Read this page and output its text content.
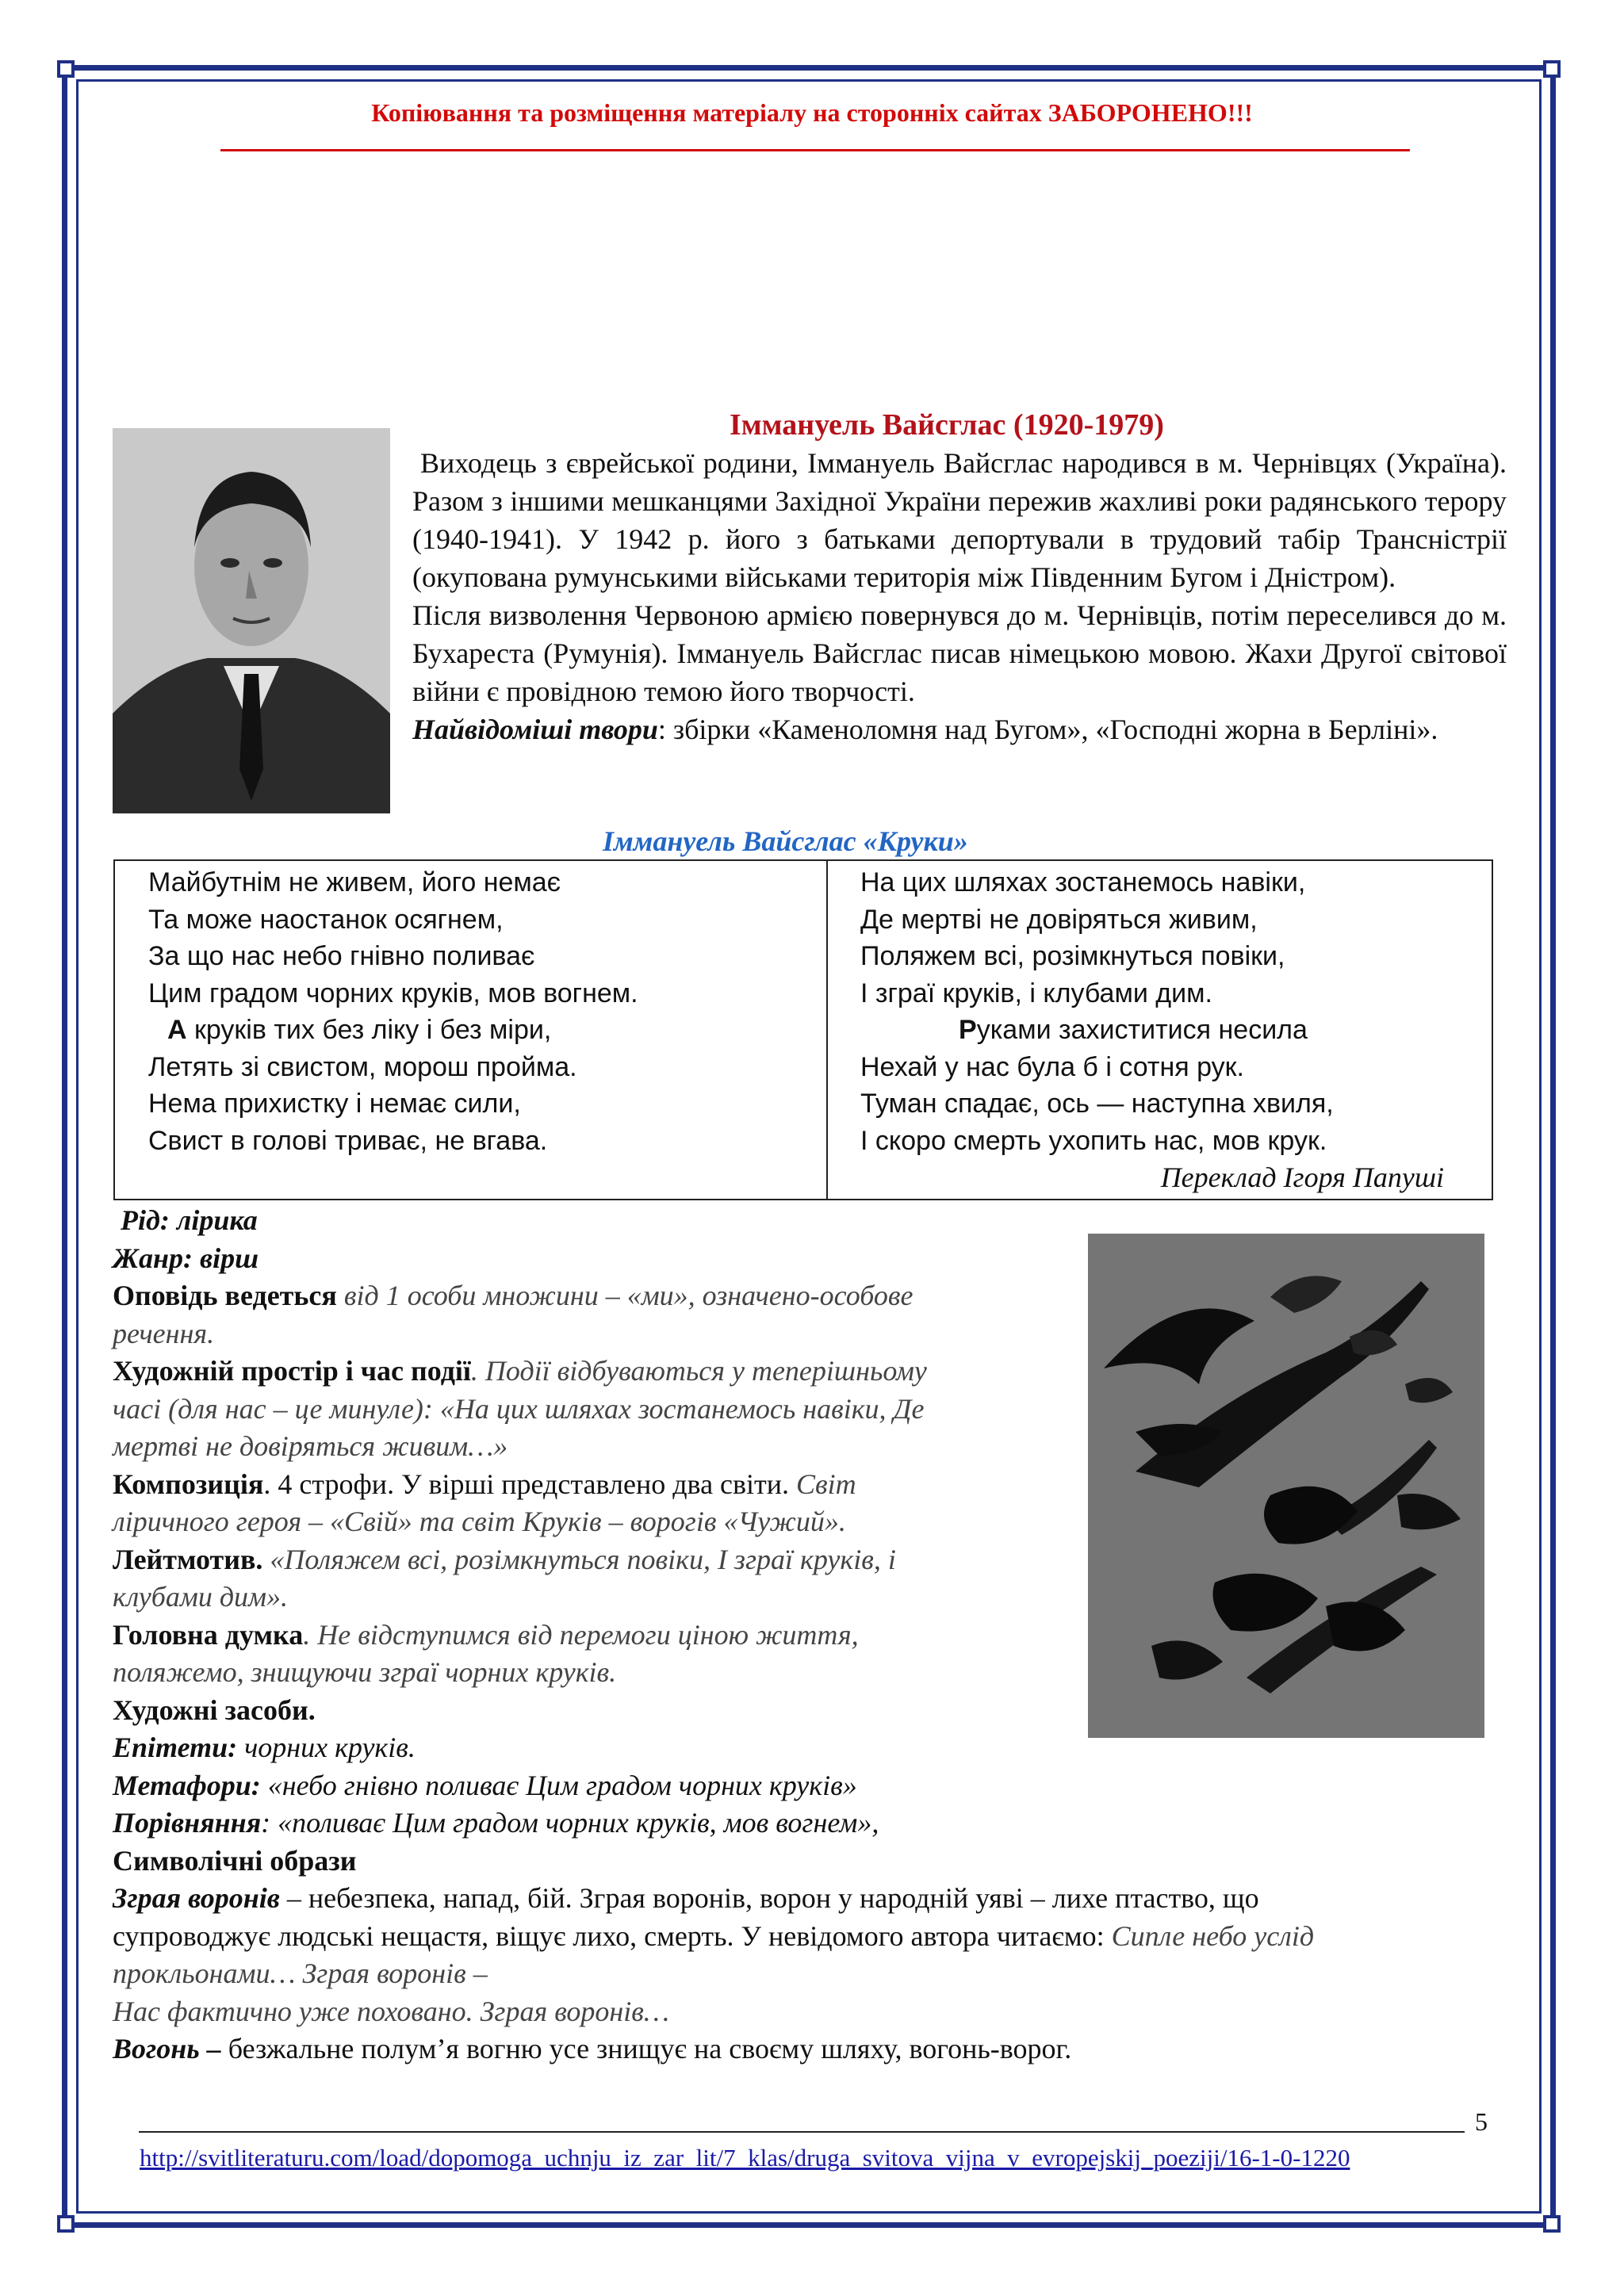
Копіювання та розміщення матеріалу на сторонніх сайтах ЗАБОРОНЕНО!!!
Іммануель Вайсглас (1920-1979)

Виходець з єврейської родини, Іммануель Вайсглас народився в м. Чернівцях (Україна). Разом з іншими мешканцями Західної України пережив жахливі роки радянського терору (1940-1941). У 1942 р. його з батьками депортували в трудовий табір Трансністрії (окупована румунськими військами територія між Південним Бугом і Дністром).

Після визволення Червоною армією повернувся до м. Чернівців, потім переселився до м. Бухареста (Румунія). Іммануель Вайсглас писав німецькою мовою. Жахи Другої світової війни є провідною темою його творчості.

Найвідоміші твори: збірки «Каменоломня над Бугом», «Господні жорна в Берліні».

Іммануель Вайсглас «Круки»
Майбутнім не живем, його немає
Та може наостанок осягнем,
За що нас небо гнівно поливає
Цим градом чорних круків, мов вогнем.
А круків тих без ліку і без міри,
Летять зі свистом, морош пройма.
Нема прихистку і немає сили,
Свист в голові триває, не вгава.
На цих шляхах зостанемось навіки,
Де мертві не довіряться живим,
Поляжем всі, розімкнуться повіки,
І зграї круків, і клубами дим.
Руками захиститися несила
Нехай у нас була б і сотня рук.
Туман спадає, ось — наступна хвиля,
І скоро смерть ухопить нас, мов крук.
Переклад Ігоря Папуші
Рід: лірика
Жанр: вірш
Оповідь ведеться від 1 особи множини – «ми», означено-особове
речення.
Художній простір і час події. Події відбуваються у теперішньому
часі (для нас – це минуле): «На цих шляхах зостанемось навіки, Де
мертві не довіряться живим…»
Композиція. 4 строфи. У вірші представлено два світи. Світ
ліричного героя – «Свій» та світ Круків – ворогів «Чужий».
Лейтмотив. «Поляжем всі, розімкнуться повіки, І зграї круків, і
клубами дим».
Головна думка. Не відступимся від перемоги ціною життя,
поляжемо, знищуючи зграї чорних круків.
Художні засоби.
Епітети: чорних круків.
Метафори: «небо гнівно поливає Цим градом чорних круків»
Порівняння: «поливає Цим градом чорних круків, мов вогнем»,
Символічні образи
Зграя воронів – небезпека, напад, бій. Зграя воронів, ворон у народній уяві – лихе птаство, що
супроводжує людські нещастя, віщує лихо, смерть. У невідомого автора читаємо: Сипле небо услід
прокльонами… Зграя воронів –
Нас фактично уже поховано. Зграя воронів…
Вогонь – безжальне полум’я вогню усе знищує на своєму шляху, вогонь-ворог.
5
http://svitliteraturu.com/load/dopomoga_uchnju_iz_zar_lit/7_klas/druga_svitova_vijna_v_evropejskij_poeziji/16-1-0-1220
